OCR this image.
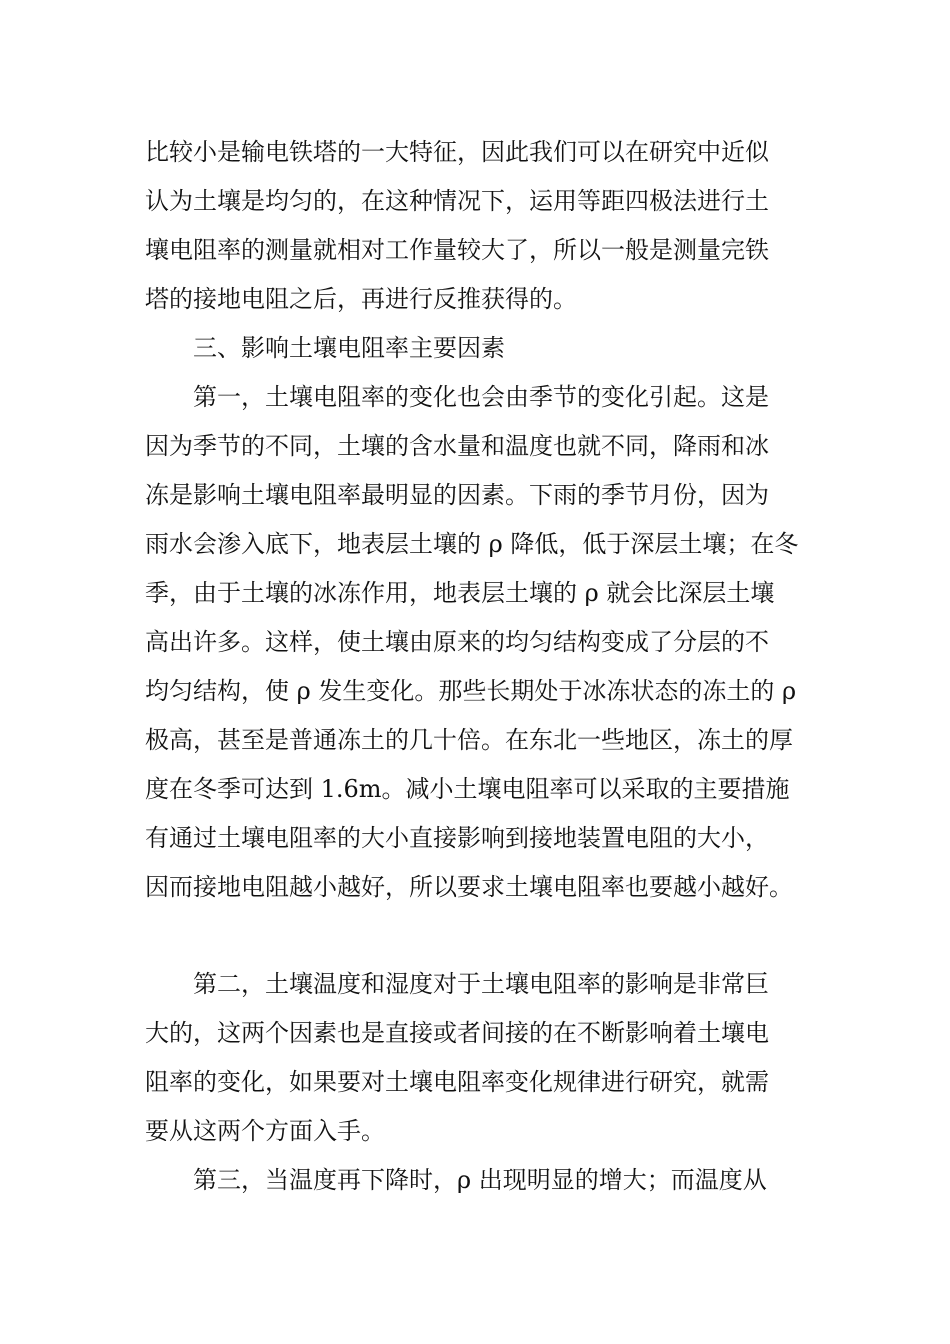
比较小是输电铁塔的一大特征，因此我们可以在研究中近似
认为土壤是均匀的，在这种情况下，运用等距四极法进行土
壤电阻率的测量就相对工作量较大了，所以一般是测量完铁
塔的接地电阻之后，再进行反推获得的。
三、影响土壤电阻率主要因素
第一，土壤电阻率的变化也会由季节的变化引起。这是
因为季节的不同，土壤的含水量和温度也就不同，降雨和冰
冻是影响土壤电阻率最明显的因素。下雨的季节月份，因为
雨水会渗入底下，地表层土壤的 ρ 降低，低于深层土壤；在冬
季，由于土壤的冰冻作用，地表层土壤的 ρ 就会比深层土壤
高出许多。这样，使土壤由原来的均匀结构变成了分层的不
均匀结构，使 ρ 发生变化。那些长期处于冰冻状态的冻土的 ρ
极高，甚至是普通冻土的几十倍。在东北一些地区，冻土的厚
度在冬季可达到 1.6m。减小土壤电阻率可以采取的主要措施
有通过土壤电阻率的大小直接影响到接地装置电阻的大小，
因而接地电阻越小越好，所以要求土壤电阻率也要越小越好。
第二，土壤温度和湿度对于土壤电阻率的影响是非常巨
大的，这两个因素也是直接或者间接的在不断影响着土壤电
阻率的变化，如果要对土壤电阻率变化规律进行研究，就需
要从这两个方面入手。
第三，当温度再下降时，ρ 出现明显的增大；而温度从
